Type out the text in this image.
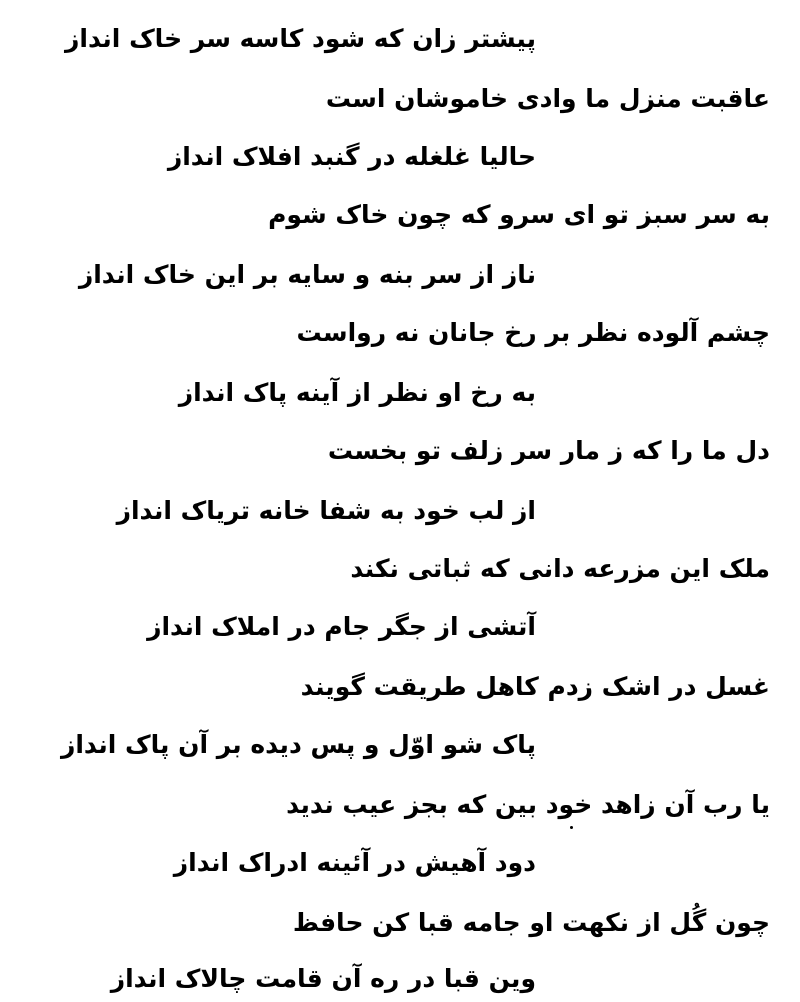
پیشتر زان که شود کاسه سر خاک انداز
عاقبت منزل ما وادی خاموشان است
حالیا غلغله در گنبد افلاک انداز
به سر سبز تو ای سرو که چون خاک شوم
ناز از سر بنه و سایه بر این خاک انداز
چشم آلوده نظر بر رخ جانان نه رواست
به رخ او نظر از آینه پاک انداز
دل ما را که ز مار سر زلف تو بخست
از لب خود به شفا خانه تریاک انداز
ملک این مزرعه دانی که ثباتی نکند
آتشی از جگر جام در املاک انداز
غسل در اشک زدم کاهل طریقت گویند
پاک شو اوّل و پس دیده بر آن پاک انداز
یا رب آن زاهد خود بین که بجز عیب ندید
دود آهیش در آئینه ادراک انداز
چون گُل از نکهت او جامه قبا کن حافظ
وین قبا در ره آن قامت چالاک انداز
